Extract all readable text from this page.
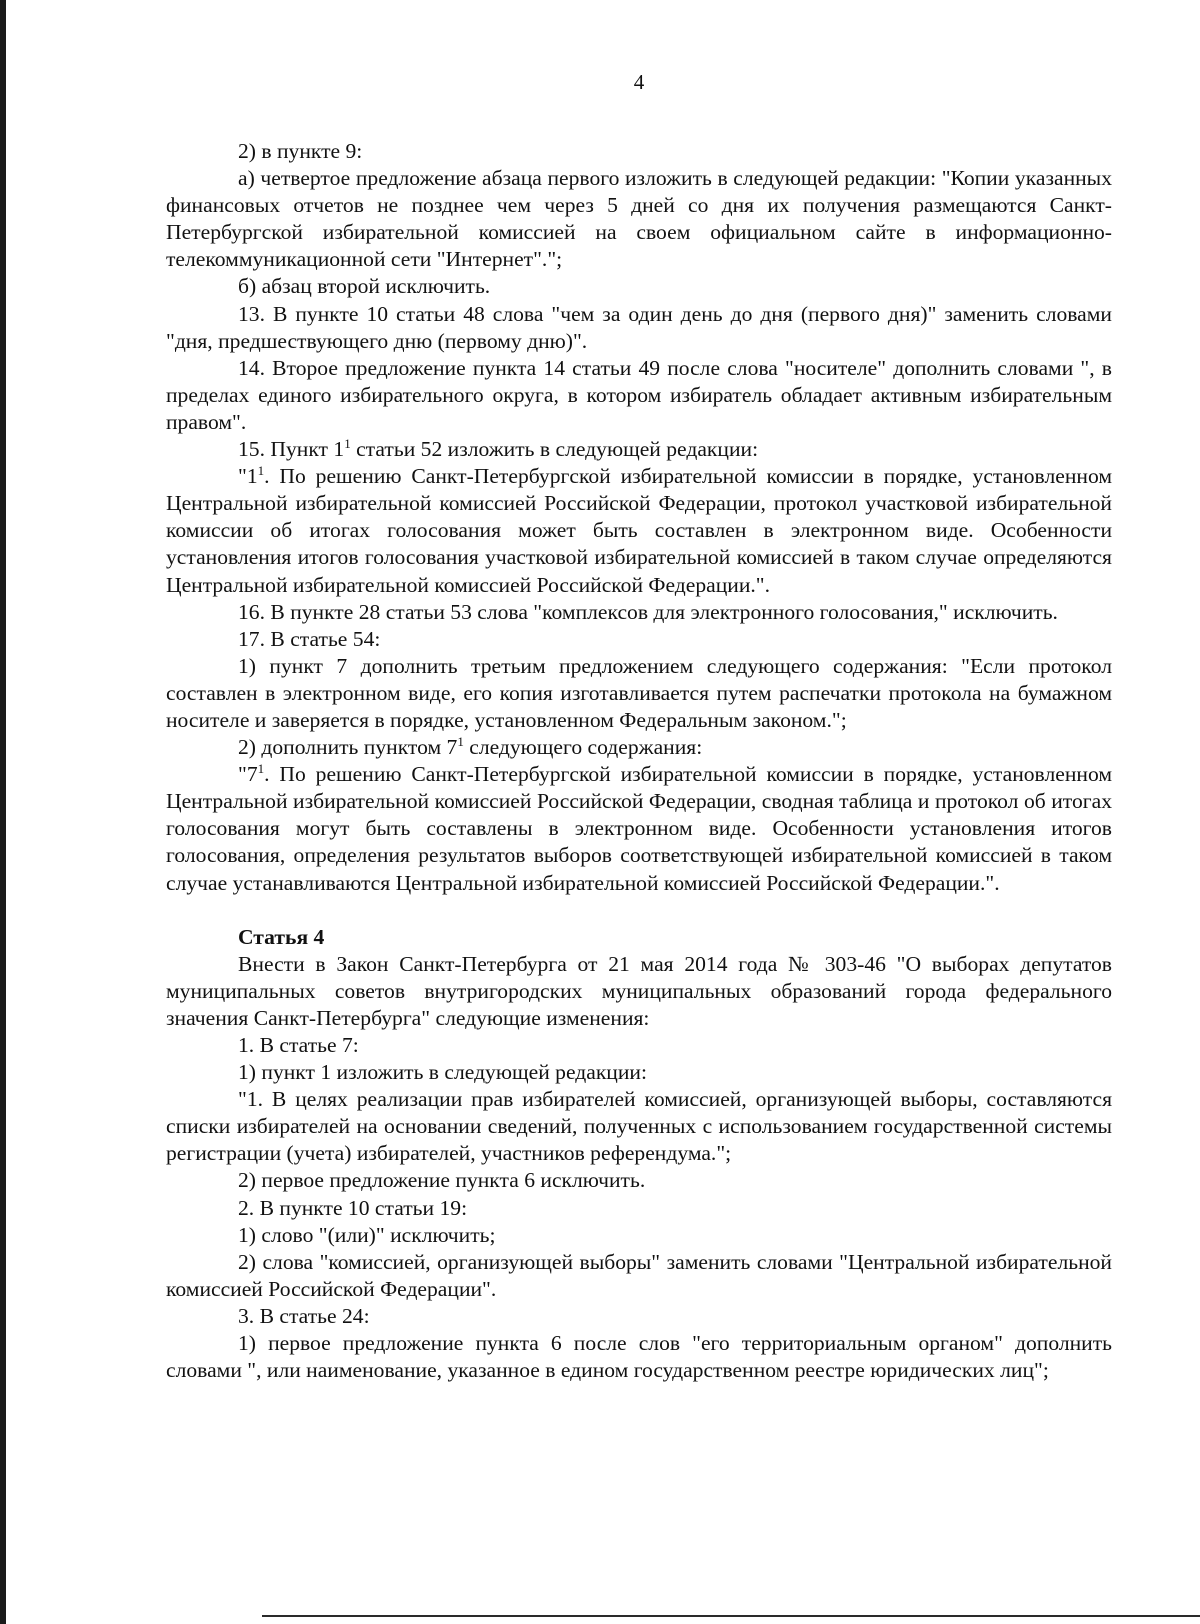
4

2) в пункте 9:

а) четвертое предложение абзаца первого изложить в следующей редакции: "Копии указанных финансовых отчетов не позднее чем через 5 дней со дня их получения размещаются Санкт-Петербургской избирательной комиссией на своем официальном сайте в информационно-телекоммуникационной сети "Интернет".";

б) абзац второй исключить.

13. В пункте 10 статьи 48 слова "чем за один день до дня (первого дня)" заменить словами "дня, предшествующего дню (первому дню)".

14. Второе предложение пункта 14 статьи 49 после слова "носителе" дополнить словами ", в пределах единого избирательного округа, в котором избиратель обладает активным избирательным правом".

15. Пункт $1^1$ статьи 52 изложить в следующей редакции:

"$1^1$. По решению Санкт-Петербургской избирательной комиссии в порядке, установленном Центральной избирательной комиссией Российской Федерации, протокол участковой избирательной комиссии об итогах голосования может быть составлен в электронном виде. Особенности установления итогов голосования участковой избирательной комиссией в таком случае определяются Центральной избирательной комиссией Российской Федерации.".

16. В пункте 28 статьи 53 слова "комплексов для электронного голосования," исключить.

17. В статье 54:

1) пункт 7 дополнить третьим предложением следующего содержания: "Если протокол составлен в электронном виде, его копия изготавливается путем распечатки протокола на бумажном носителе и заверяется в порядке, установленном Федеральным законом.";

2) дополнить пунктом $7^1$ следующего содержания:

"$7^1$. По решению Санкт-Петербургской избирательной комиссии в порядке, установленном Центральной избирательной комиссией Российской Федерации, сводная таблица и протокол об итогах голосования могут быть составлены в электронном виде. Особенности установления итогов голосования, определения результатов выборов соответствующей избирательной комиссией в таком случае устанавливаются Центральной избирательной комиссией Российской Федерации.".

Статья 4

Внести в Закон Санкт-Петербурга от 21 мая 2014 года № 303-46 "О выборах депутатов муниципальных советов внутригородских муниципальных образований города федерального значения Санкт-Петербурга" следующие изменения:

1. В статье 7:

1) пункт 1 изложить в следующей редакции:

"1. В целях реализации прав избирателей комиссией, организующей выборы, составляются списки избирателей на основании сведений, полученных с использованием государственной системы регистрации (учета) избирателей, участников референдума.";

2) первое предложение пункта 6 исключить.

2. В пункте 10 статьи 19:

1) слово "(или)" исключить;

2) слова "комиссией, организующей выборы" заменить словами "Центральной избирательной комиссией Российской Федерации".

3. В статье 24:

1) первое предложение пункта 6 после слов "его территориальным органом" дополнить словами ", или наименование, указанное в едином государственном реестре юридических лиц";
